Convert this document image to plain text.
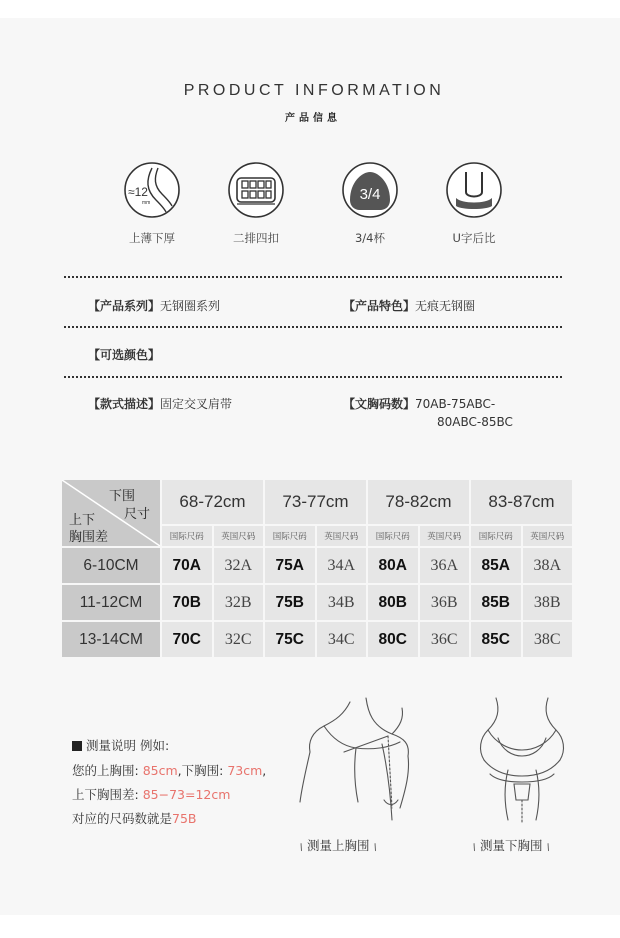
PRODUCT INFORMATION
产品信息
≈12
mm
上薄下厚	二排四扣
3/4
3/4杯	U字后比
【产品系列】无钢圈系列	【产品特色】无痕无钢圈
【可选颜色】
【款式描述】固定交叉肩带	【文胸码数】70AB-75ABC-
80ABC-85BC
下围
尺寸
上下
胸围差	68-72cm		73-77cm		78-82cm		83-87cm	
	国际尺码	英国尺码	国际尺码	英国尺码	国际尺码	英国尺码	国际尺码	英国尺码
6-10CM	70A	32A	75A	34A	80A	36A	85A	38A
11-12CM	70B	32B	75B	34B	80B	36B	85B	38B
13-14CM	70C	32C	75C	34C	80C	36C	85C	38C
测量说明 例如:
您的上胸围: 85cm,下胸围: 73cm,
上下胸围差: 85−73=12cm
对应的尺码数就是75B
/ 测量上胸围 /	/ 测量下胸围 /
